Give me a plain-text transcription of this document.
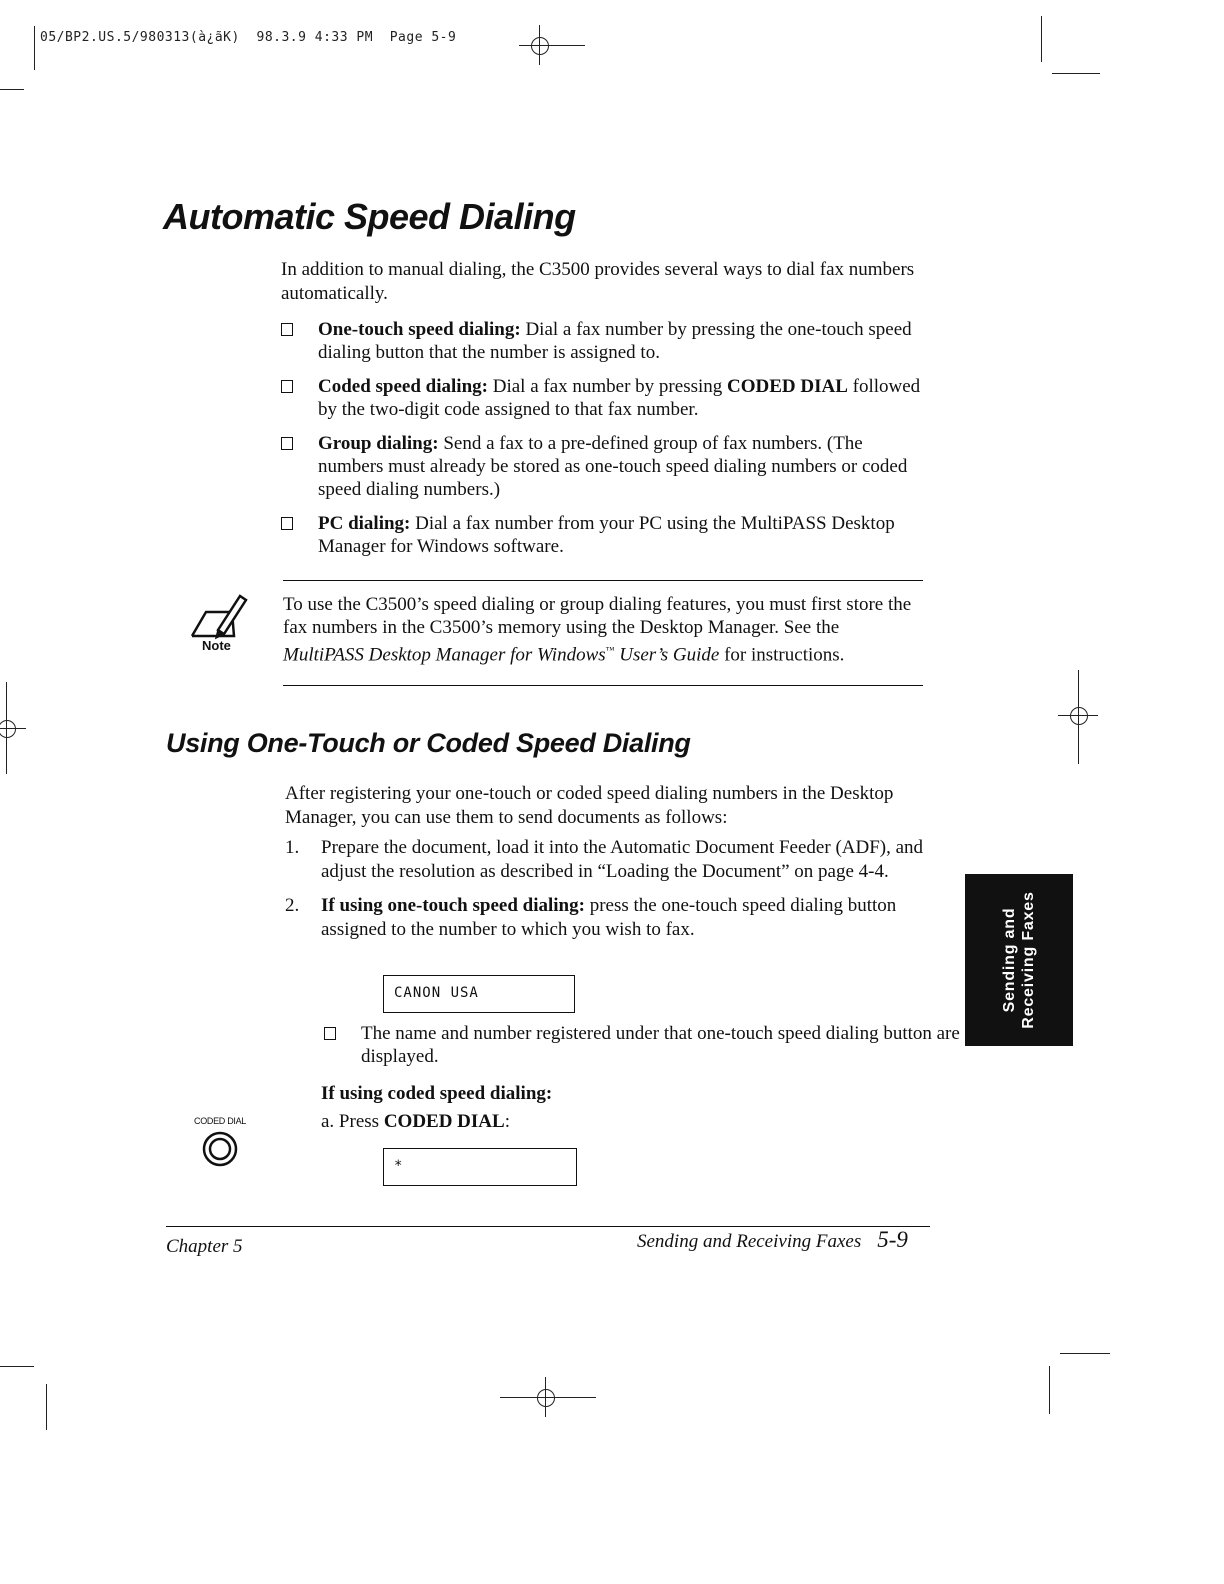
05/BP2.US.5/980313(à¿ãK)  98.3.9 4:33 PM  Page 5-9
Automatic Speed Dialing

In addition to manual dialing, the C3500 provides several ways to dial fax numbers automatically.

One-touch speed dialing: Dial a fax number by pressing the one-touch speed dialing button that the number is assigned to.
Coded speed dialing: Dial a fax number by pressing CODED DIAL followed by the two-digit code assigned to that fax number.
Group dialing: Send a fax to a pre-defined group of fax numbers. (The numbers must already be stored as one-touch speed dialing numbers or coded speed dialing numbers.)
PC dialing: Dial a fax number from your PC using the MultiPASS Desktop Manager for Windows software.
Note
To use the C3500’s speed dialing or group dialing features, you must first store the fax numbers in the C3500’s memory using the Desktop Manager. See the MultiPASS Desktop Manager for Windows™ User’s Guide for instructions.
Using One-Touch or Coded Speed Dialing

After registering your one-touch or coded speed dialing numbers in the Desktop Manager, you can use them to send documents as follows:

1. Prepare the document, load it into the Automatic Document Feeder (ADF), and adjust the resolution as described in “Loading the Document” on page 4-4.
2. If using one-touch speed dialing: press the one-touch speed dialing button assigned to the number to which you wish to fax.
CANON USA
The name and number registered under that one-touch speed dialing button are displayed.
If using coded speed dialing:
a. Press CODED DIAL:
CODED DIAL
*
Sending and Receiving Faxes
Chapter 5	Sending and Receiving Faxes 5-9
